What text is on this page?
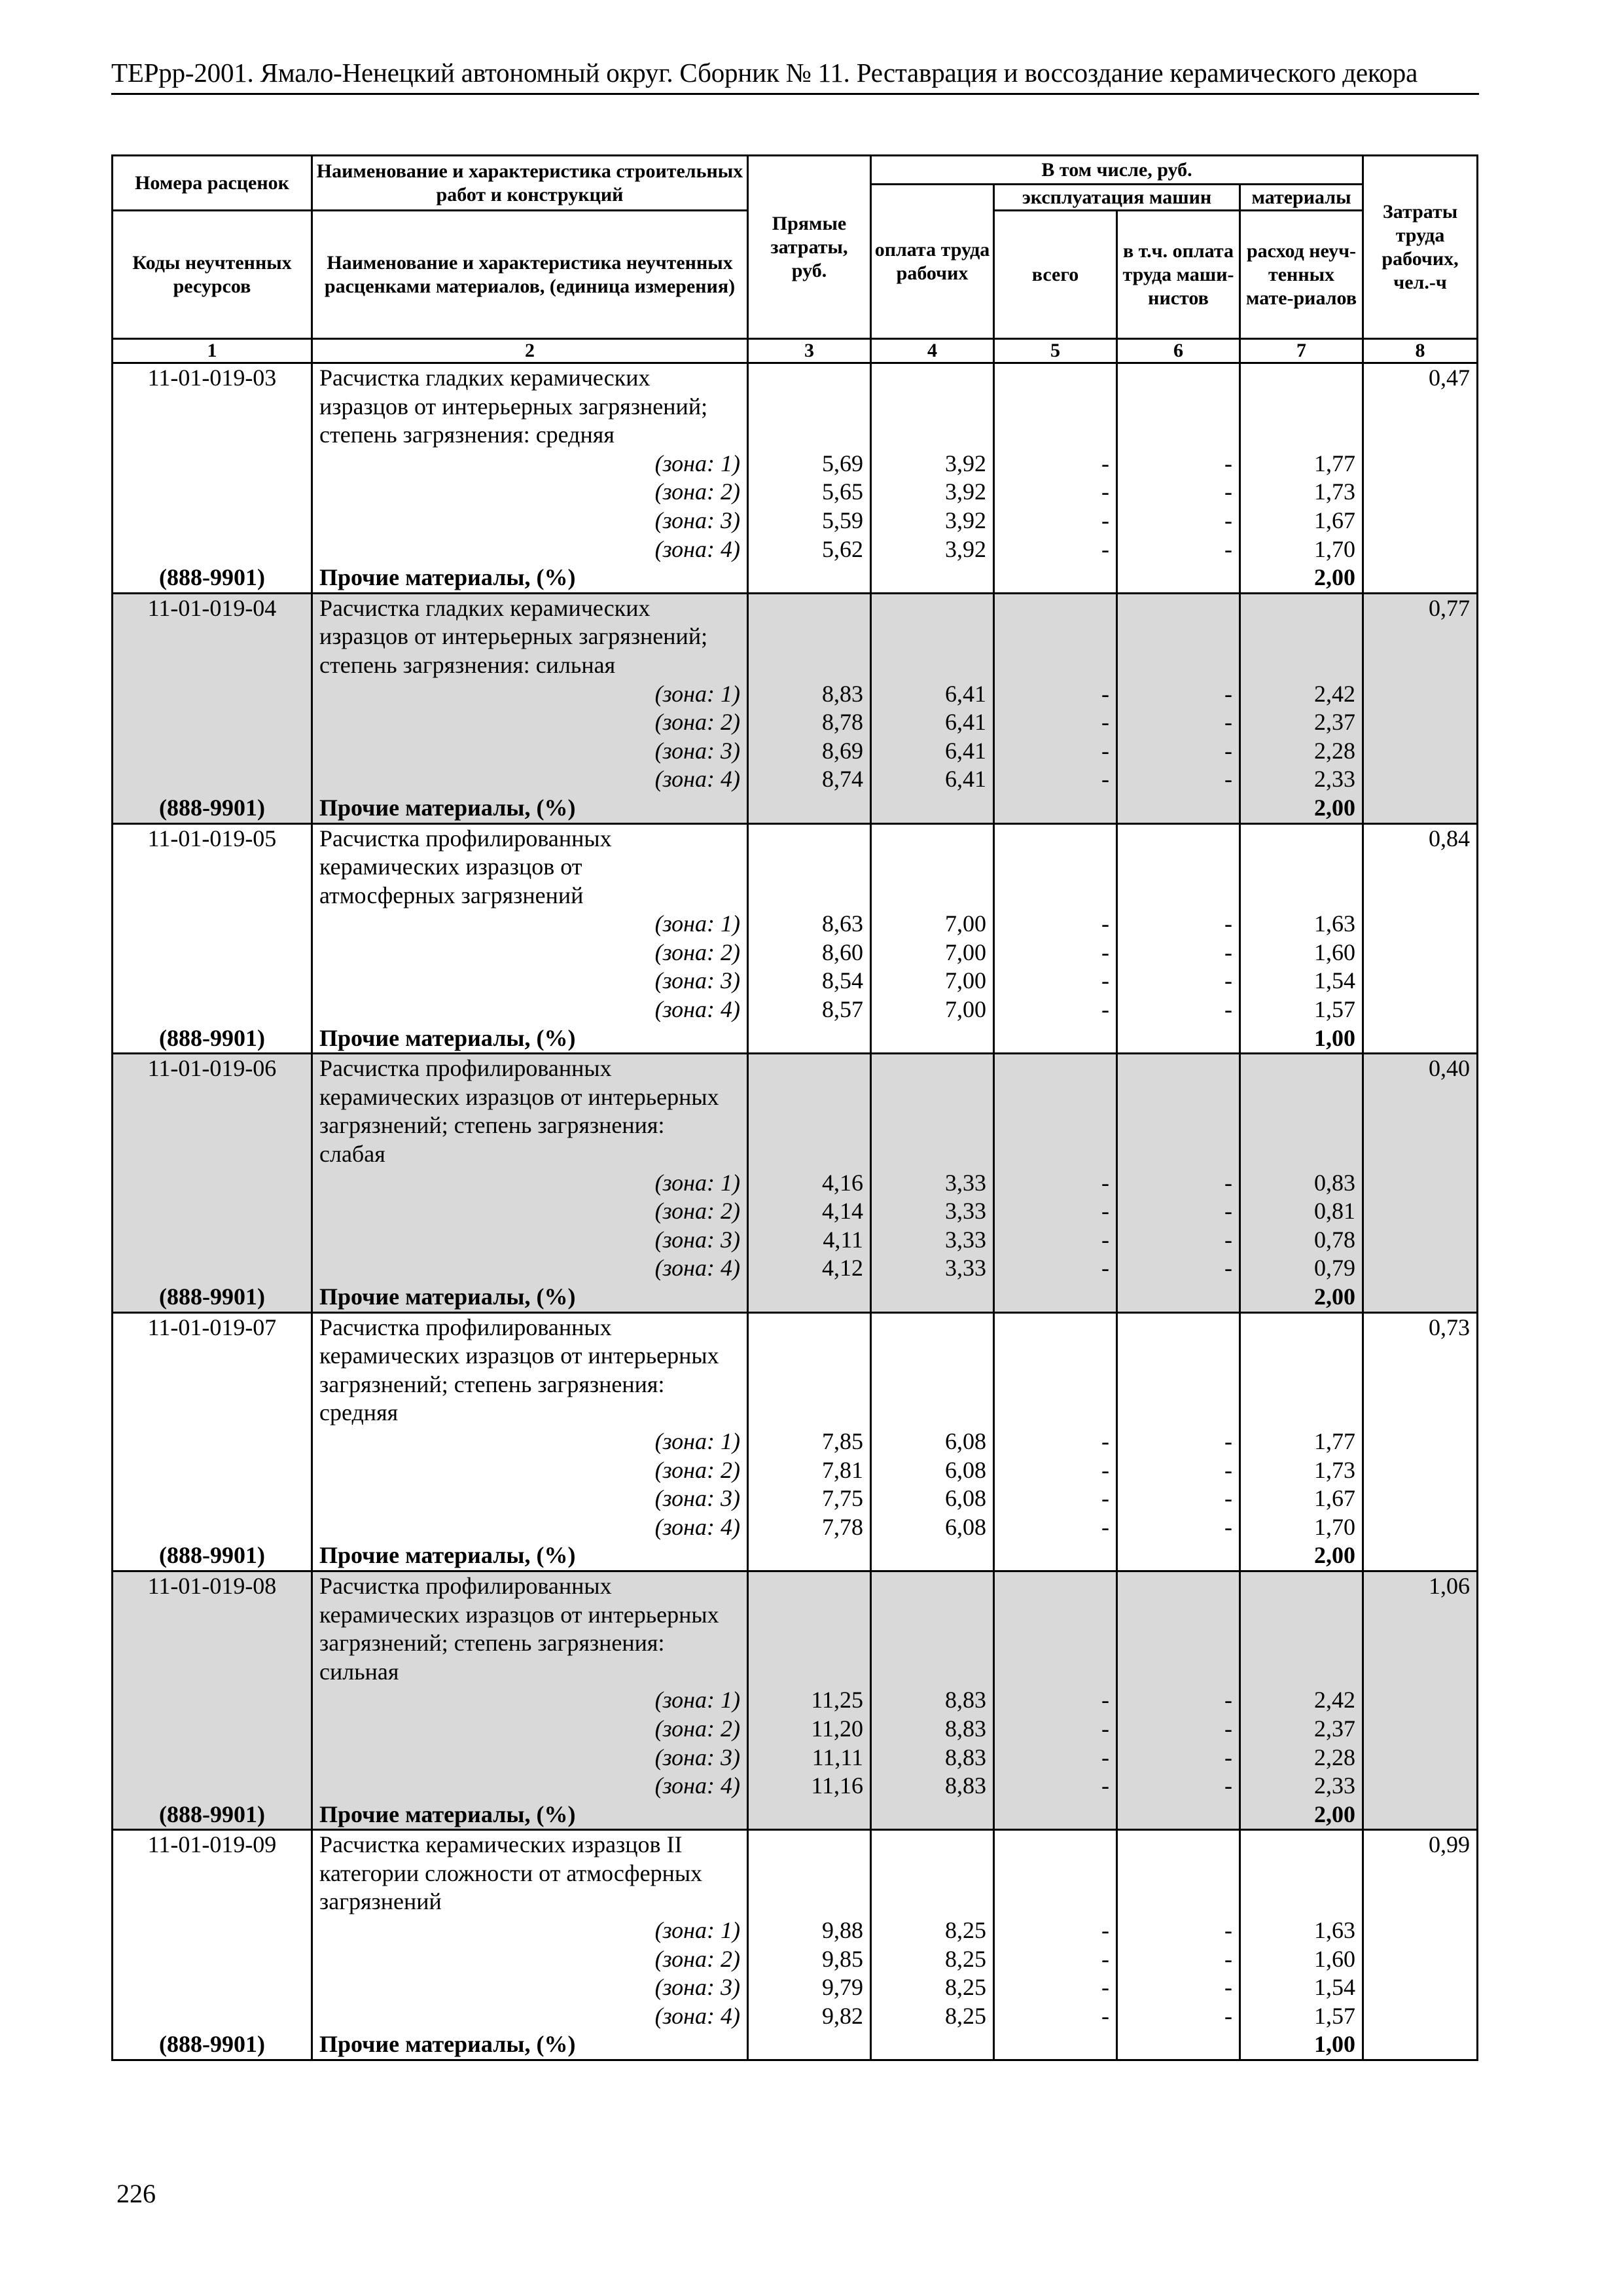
ТЕРрр-2001. Ямало-Ненецкий автономный округ. Сборник № 11. Реставрация и воссоздание керамического декора
Номера расценок	Наименование и характеристика строительных работ и конструкций	Прямые затраты, руб.	В том числе, руб.				Затраты труда рабочих, чел.-ч
			оплата труда рабочих	эксплуатация машин		материалы	
Коды неучтенных ресурсов	Наименование и характеристика неучтенных расценками материалов, (единица измерения)			всего	в т.ч. оплата труда маши-нистов	расход неуч-тенных мате-риалов	
1	2	3	4	5	6	7	8
11-01-019-03	Расчистка гладких керамических						0,47
	изразцов от интерьерных загрязнений;						
	степень загрязнения: средняя						
	(зона: 1)	5,69	3,92	-	-	1,77	
	(зона: 2)	5,65	3,92	-	-	1,73	
	(зона: 3)	5,59	3,92	-	-	1,67	
	(зона: 4)	5,62	3,92	-	-	1,70	
(888-9901)	Прочие материалы, (%)					2,00	
11-01-019-04	Расчистка гладких керамических						0,77
	изразцов от интерьерных загрязнений;						
	степень загрязнения: сильная						
	(зона: 1)	8,83	6,41	-	-	2,42	
	(зона: 2)	8,78	6,41	-	-	2,37	
	(зона: 3)	8,69	6,41	-	-	2,28	
	(зона: 4)	8,74	6,41	-	-	2,33	
(888-9901)	Прочие материалы, (%)					2,00	
11-01-019-05	Расчистка профилированных						0,84
	керамических изразцов от						
	атмосферных загрязнений						
	(зона: 1)	8,63	7,00	-	-	1,63	
	(зона: 2)	8,60	7,00	-	-	1,60	
	(зона: 3)	8,54	7,00	-	-	1,54	
	(зона: 4)	8,57	7,00	-	-	1,57	
(888-9901)	Прочие материалы, (%)					1,00	
11-01-019-06	Расчистка профилированных						0,40
	керамических изразцов от интерьерных						
	загрязнений; степень загрязнения:						
	слабая						
	(зона: 1)	4,16	3,33	-	-	0,83	
	(зона: 2)	4,14	3,33	-	-	0,81	
	(зона: 3)	4,11	3,33	-	-	0,78	
	(зона: 4)	4,12	3,33	-	-	0,79	
(888-9901)	Прочие материалы, (%)					2,00	
11-01-019-07	Расчистка профилированных						0,73
	керамических изразцов от интерьерных						
	загрязнений; степень загрязнения:						
	средняя						
	(зона: 1)	7,85	6,08	-	-	1,77	
	(зона: 2)	7,81	6,08	-	-	1,73	
	(зона: 3)	7,75	6,08	-	-	1,67	
	(зона: 4)	7,78	6,08	-	-	1,70	
(888-9901)	Прочие материалы, (%)					2,00	
11-01-019-08	Расчистка профилированных						1,06
	керамических изразцов от интерьерных						
	загрязнений; степень загрязнения:						
	сильная						
	(зона: 1)	11,25	8,83	-	-	2,42	
	(зона: 2)	11,20	8,83	-	-	2,37	
	(зона: 3)	11,11	8,83	-	-	2,28	
	(зона: 4)	11,16	8,83	-	-	2,33	
(888-9901)	Прочие материалы, (%)					2,00	
11-01-019-09	Расчистка керамических изразцов II						0,99
	категории сложности от атмосферных						
	загрязнений						
	(зона: 1)	9,88	8,25	-	-	1,63	
	(зона: 2)	9,85	8,25	-	-	1,60	
	(зона: 3)	9,79	8,25	-	-	1,54	
	(зона: 4)	9,82	8,25	-	-	1,57	
(888-9901)	Прочие материалы, (%)					1,00	
226
